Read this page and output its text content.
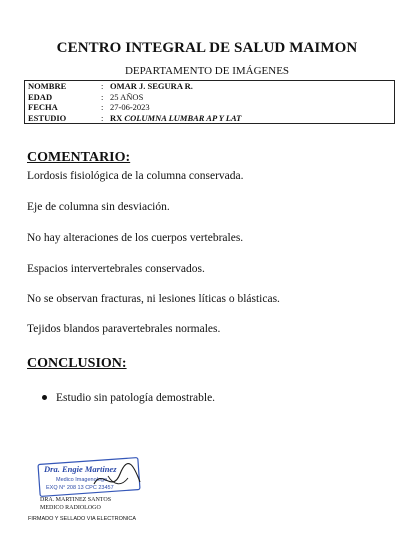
CENTRO INTEGRAL DE SALUD MAIMON
DEPARTAMENTO DE IMÁGENES
NOMBRE	:	OMAR J. SEGURA R.
EDAD	:	25 AÑOS
FECHA	:	27-06-2023
ESTUDIO	:	RX COLUMNA LUMBAR AP Y LAT
COMENTARIO:
Lordosis fisiológica de la columna conservada.
Eje de columna sin desviación.
No hay alteraciones de los cuerpos vertebrales.
Espacios intervertebrales conservados.
No se observan fracturas, ni lesiones líticas o blásticas.
Tejidos blandos paravertebrales normales.
CONCLUSION:
Estudio sin patología demostrable.
Dra. Engie Martinez
Medico Imagenologo
EXQ N° 208 13 CPC 23457
DRA. MARTINEZ SANTOS
MEDICO RADIOLOGO
FIRMADO Y SELLADO VIA ELECTRONICA
